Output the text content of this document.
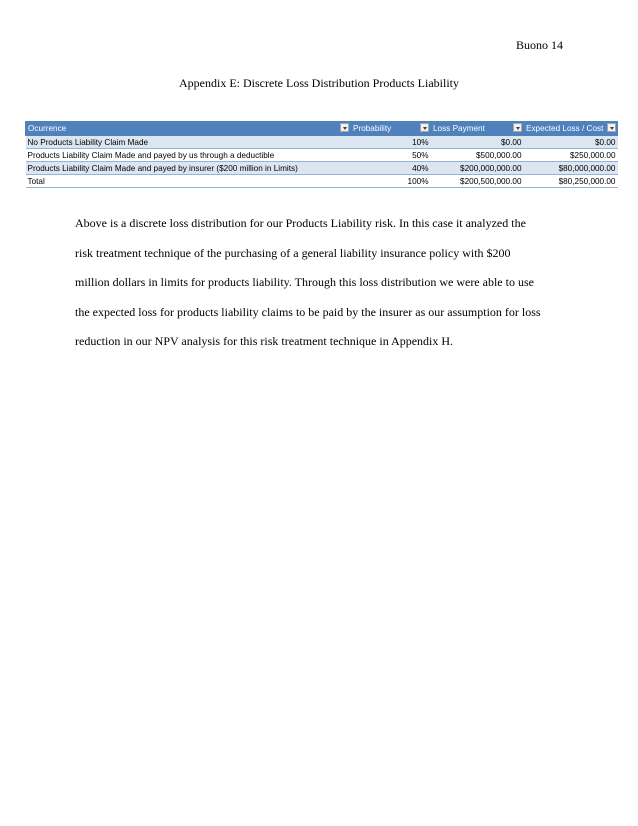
Buono 14
Appendix E: Discrete Loss Distribution Products Liability
Ocurrence	Probability	Loss Payment	Expected Loss / Cost

No Products Liability Claim Made	10%	$0.00	$0.00
Products Liability Claim Made and payed by us through a deductible	50%	$500,000.00	$250,000.00
Products Liability Claim Made and payed by insurer ($200 million in Limits)	40%	$200,000,000.00	$80,000,000.00
Total	100%	$200,500,000.00	$80,250,000.00

Above is a discrete loss distribution for our Products Liability risk. In this case it analyzed the
risk treatment technique of the purchasing of a general liability insurance policy with $200
million dollars in limits for products liability. Through this loss distribution we were able to use
the expected loss for products liability claims to be paid by the insurer as our assumption for loss
reduction in our NPV analysis for this risk treatment technique in Appendix H.
